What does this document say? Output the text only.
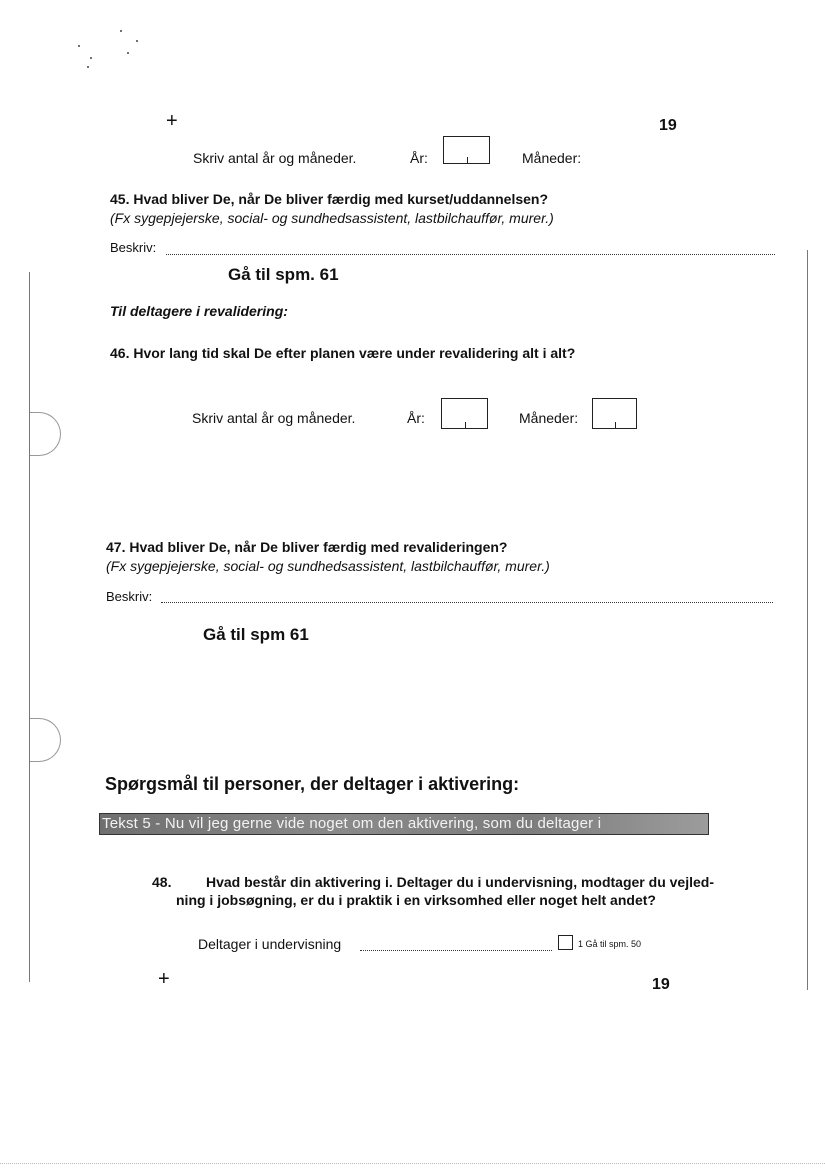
+	19
Skriv antal år og måneder.	År:	Måneder:
45. Hvad bliver De, når De bliver færdig med kurset/uddannelsen?
(Fx sygepjejerske, social- og sundhedsassistent, lastbilchauffør, murer.)
Beskriv:
Gå til spm. 61
Til deltagere i revalidering:
46. Hvor lang tid skal De efter planen være under revalidering alt i alt?
Skriv antal år og måneder.	År:	Måneder:
47. Hvad bliver De, når De bliver færdig med revalideringen?
(Fx sygepjejerske, social- og sundhedsassistent, lastbilchauffør, murer.)
Beskriv:
Gå til spm 61
Spørgsmål til personer, der deltager i aktivering:
Tekst 5 - Nu vil jeg gerne vide noget om den aktivering, som du deltager i
48. Hvad består din aktivering i. Deltager du i undervisning, modtager du vejled-
ning i jobsøgning, er du i praktik i en virksomhed eller noget helt andet?
Deltager i undervisning	1 Gå til spm. 50
+	19
